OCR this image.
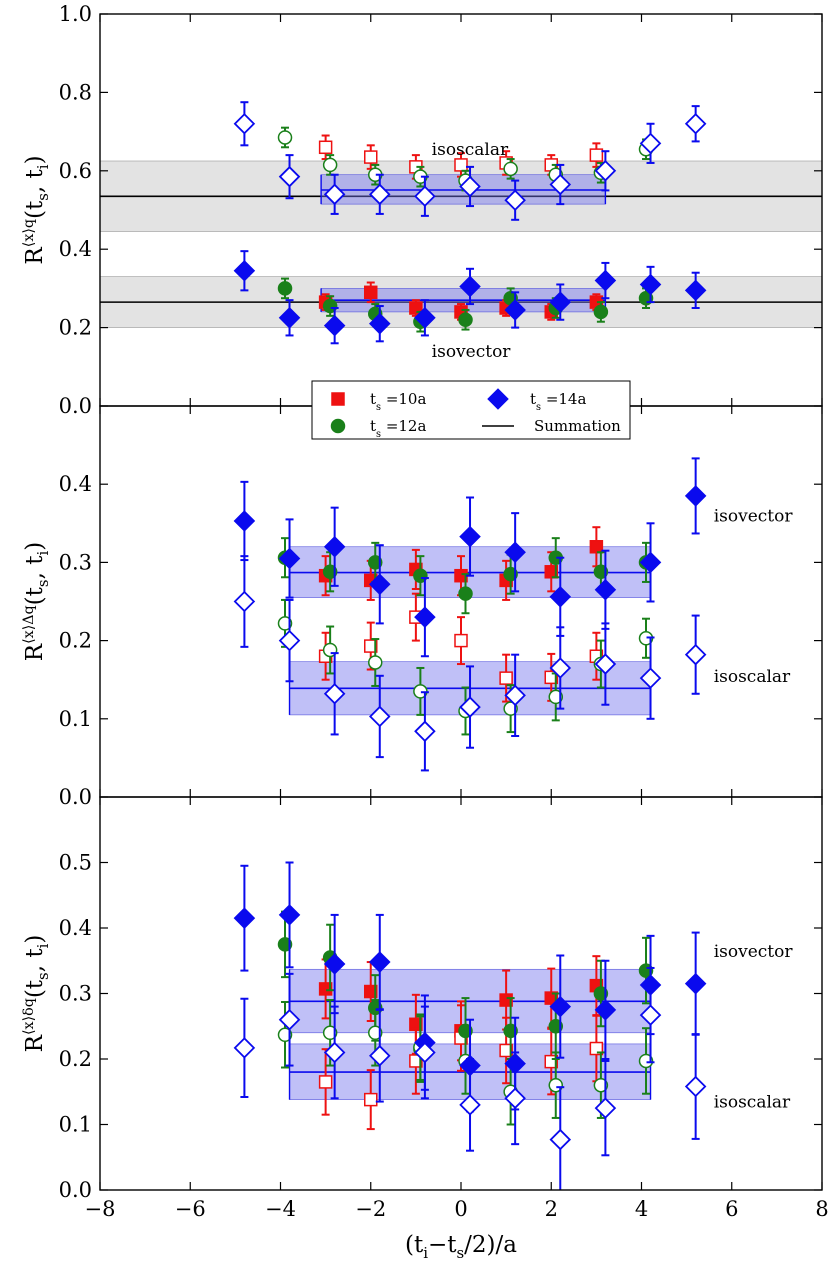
isoscalar
isovector
0.0
0.2
0.4
0.6
0.8
1.0
$R^{⟨x⟩q}(t_s$, $t_i$)
isovector
isoscalar
0.0
0.1
0.2
0.3
0.4
$R^{⟨x⟩\Delta q}(t_s$, $t_i$)
isovector
isoscalar
0.0
0.1
0.2
0.3
0.4
0.5
$R^{⟨x⟩\delta q}(t_s$, $t_i$)
−8	−6	−4	−2	0	2	4	6	8
$(t_i-t_s/2)/a$
$t_s =10a$
$t_s =12a$
$t_s =14a$
Summation
